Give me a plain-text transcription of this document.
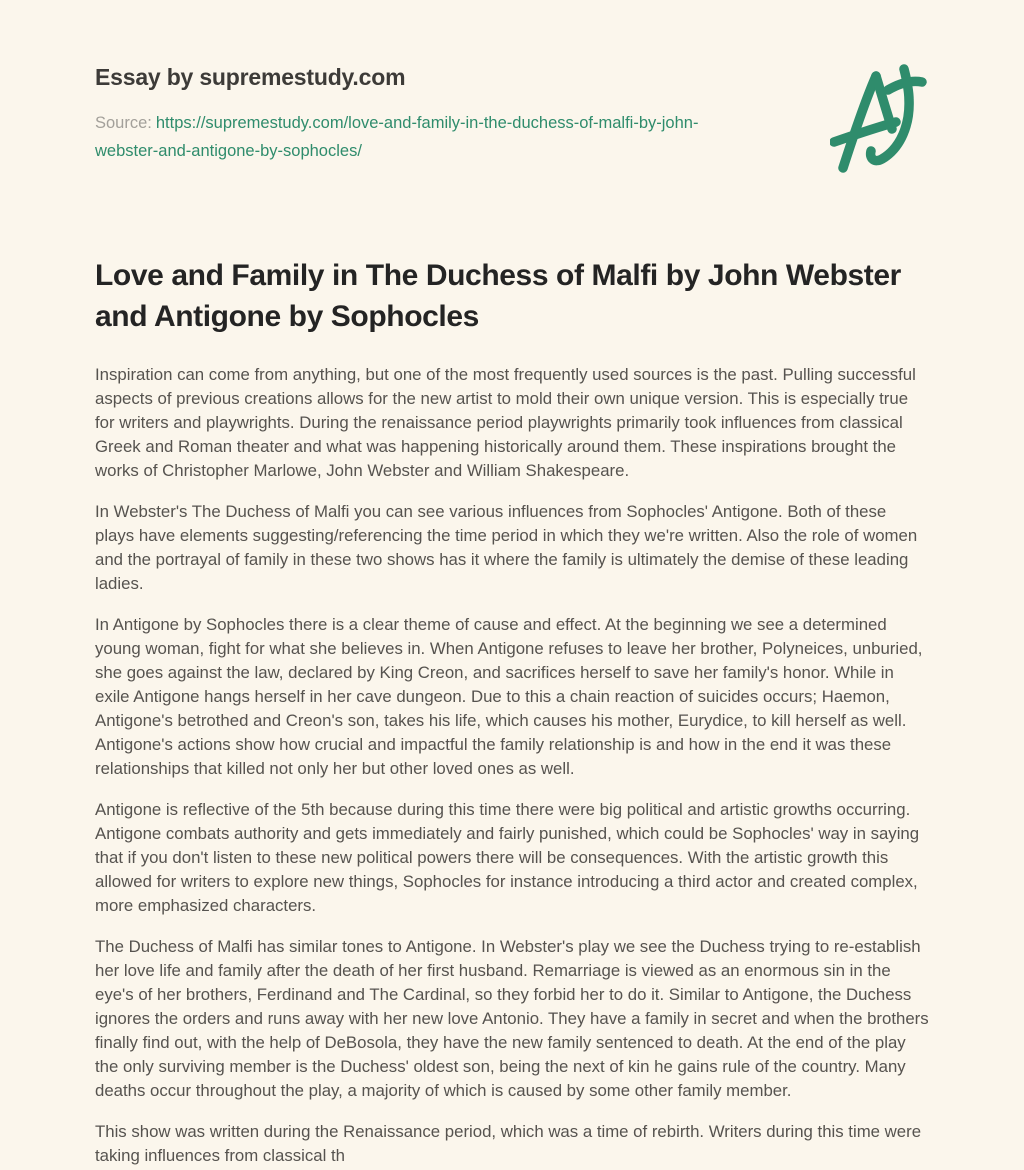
Essay by supremestudy.com

Source: https://supremestudy.com/love-and-family-in-the-duchess-of-malfi-by-john-webster-and-antigone-by-sophocles/

Love and Family in The Duchess of Malfi by John Webster and Antigone by Sophocles

Inspiration can come from anything, but one of the most frequently used sources is the past. Pulling successful aspects of previous creations allows for the new artist to mold their own unique version. This is especially true for writers and playwrights. During the renaissance period playwrights primarily took influences from classical Greek and Roman theater and what was happening historically around them. These inspirations brought the works of Christopher Marlowe, John Webster and William Shakespeare.

In Webster's The Duchess of Malfi you can see various influences from Sophocles' Antigone. Both of these plays have elements suggesting/referencing the time period in which they we're written. Also the role of women and the portrayal of family in these two shows has it where the family is ultimately the demise of these leading ladies.

In Antigone by Sophocles there is a clear theme of cause and effect. At the beginning we see a determined young woman, fight for what she believes in. When Antigone refuses to leave her brother, Polyneices, unburied, she goes against the law, declared by King Creon, and sacrifices herself to save her family's honor. While in exile Antigone hangs herself in her cave dungeon. Due to this a chain reaction of suicides occurs; Haemon, Antigone's betrothed and Creon's son, takes his life, which causes his mother, Eurydice, to kill herself as well. Antigone's actions show how crucial and impactful the family relationship is and how in the end it was these relationships that killed not only her but other loved ones as well.

Antigone is reflective of the 5th because during this time there were big political and artistic growths occurring. Antigone combats authority and gets immediately and fairly punished, which could be Sophocles' way in saying that if you don't listen to these new political powers there will be consequences. With the artistic growth this allowed for writers to explore new things, Sophocles for instance introducing a third actor and created complex, more emphasized characters.

The Duchess of Malfi has similar tones to Antigone. In Webster's play we see the Duchess trying to re-establish her love life and family after the death of her first husband. Remarriage is viewed as an enormous sin in the eye's of her brothers, Ferdinand and The Cardinal, so they forbid her to do it. Similar to Antigone, the Duchess ignores the orders and runs away with her new love Antonio. They have a family in secret and when the brothers finally find out, with the help of DeBosola, they have the new family sentenced to death. At the end of the play the only surviving member is the Duchess' oldest son, being the next of kin he gains rule of the country. Many deaths occur throughout the play, a majority of which is caused by some other family member.

This show was written during the Renaissance period, which was a time of rebirth. Writers during this time were taking influences from classical th
